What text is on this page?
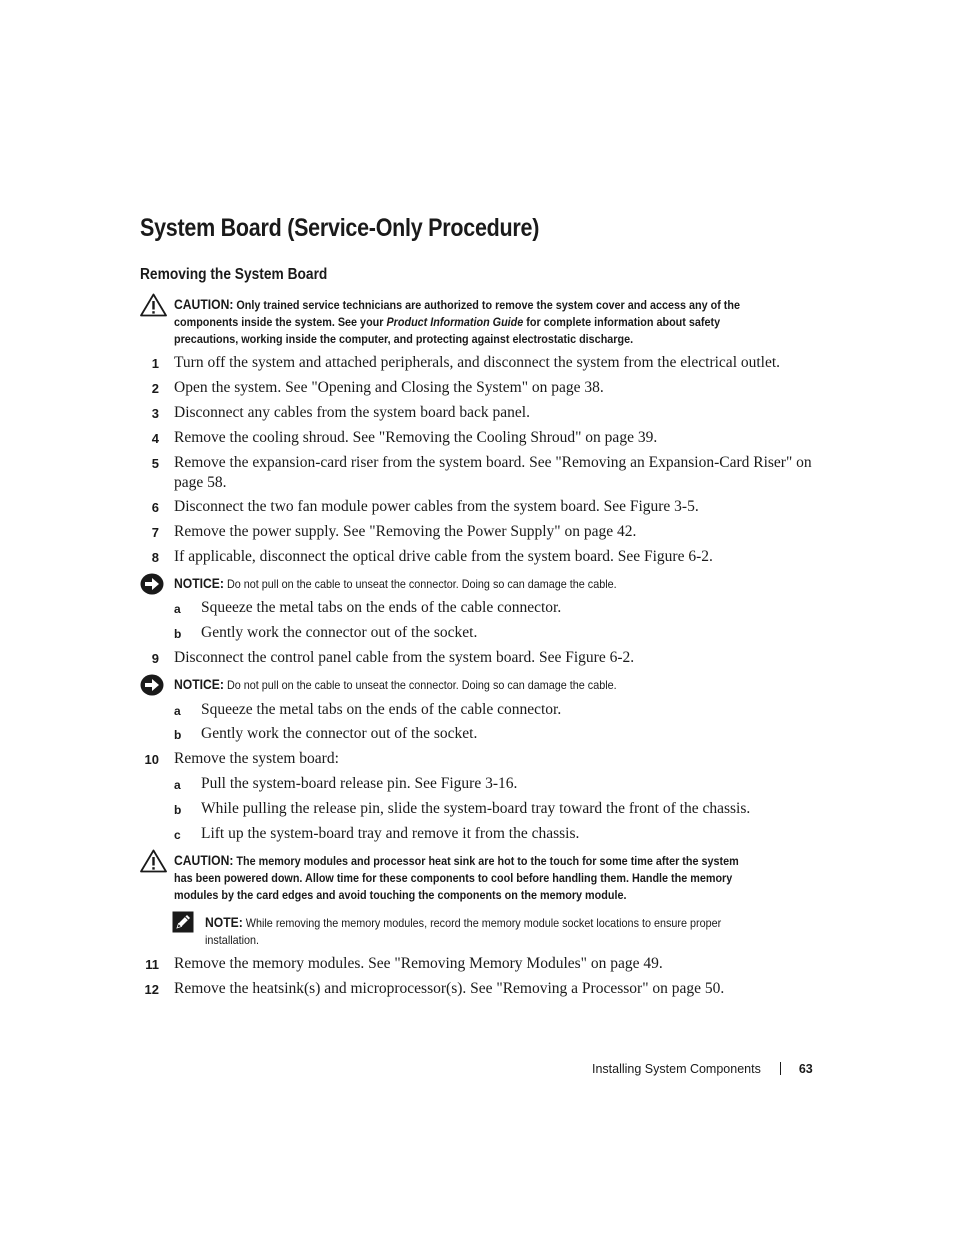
System Board (Service-Only Procedure)
Removing the System Board
CAUTION: Only trained service technicians are authorized to remove the system cover and access any of the components inside the system. See your Product Information Guide for complete information about safety precautions, working inside the computer, and protecting against electrostatic discharge.
1 Turn off the system and attached peripherals, and disconnect the system from the electrical outlet.
2 Open the system. See "Opening and Closing the System" on page 38.
3 Disconnect any cables from the system board back panel.
4 Remove the cooling shroud. See "Removing the Cooling Shroud" on page 39.
5 Remove the expansion-card riser from the system board. See "Removing an Expansion-Card Riser" on page 58.
6 Disconnect the two fan module power cables from the system board. See Figure 3-5.
7 Remove the power supply. See "Removing the Power Supply" on page 42.
8 If applicable, disconnect the optical drive cable from the system board. See Figure 6-2.
NOTICE: Do not pull on the cable to unseat the connector. Doing so can damage the cable.
a Squeeze the metal tabs on the ends of the cable connector.
b Gently work the connector out of the socket.
9 Disconnect the control panel cable from the system board. See Figure 6-2.
NOTICE: Do not pull on the cable to unseat the connector. Doing so can damage the cable.
a Squeeze the metal tabs on the ends of the cable connector.
b Gently work the connector out of the socket.
10 Remove the system board:
a Pull the system-board release pin. See Figure 3-16.
b While pulling the release pin, slide the system-board tray toward the front of the chassis.
c Lift up the system-board tray and remove it from the chassis.
CAUTION: The memory modules and processor heat sink are hot to the touch for some time after the system has been powered down. Allow time for these components to cool before handling them. Handle the memory modules by the card edges and avoid touching the components on the memory module.
NOTE: While removing the memory modules, record the memory module socket locations to ensure proper installation.
11 Remove the memory modules. See "Removing Memory Modules" on page 49.
12 Remove the heatsink(s) and microprocessor(s). See "Removing a Processor" on page 50.
Installing System Components	63
